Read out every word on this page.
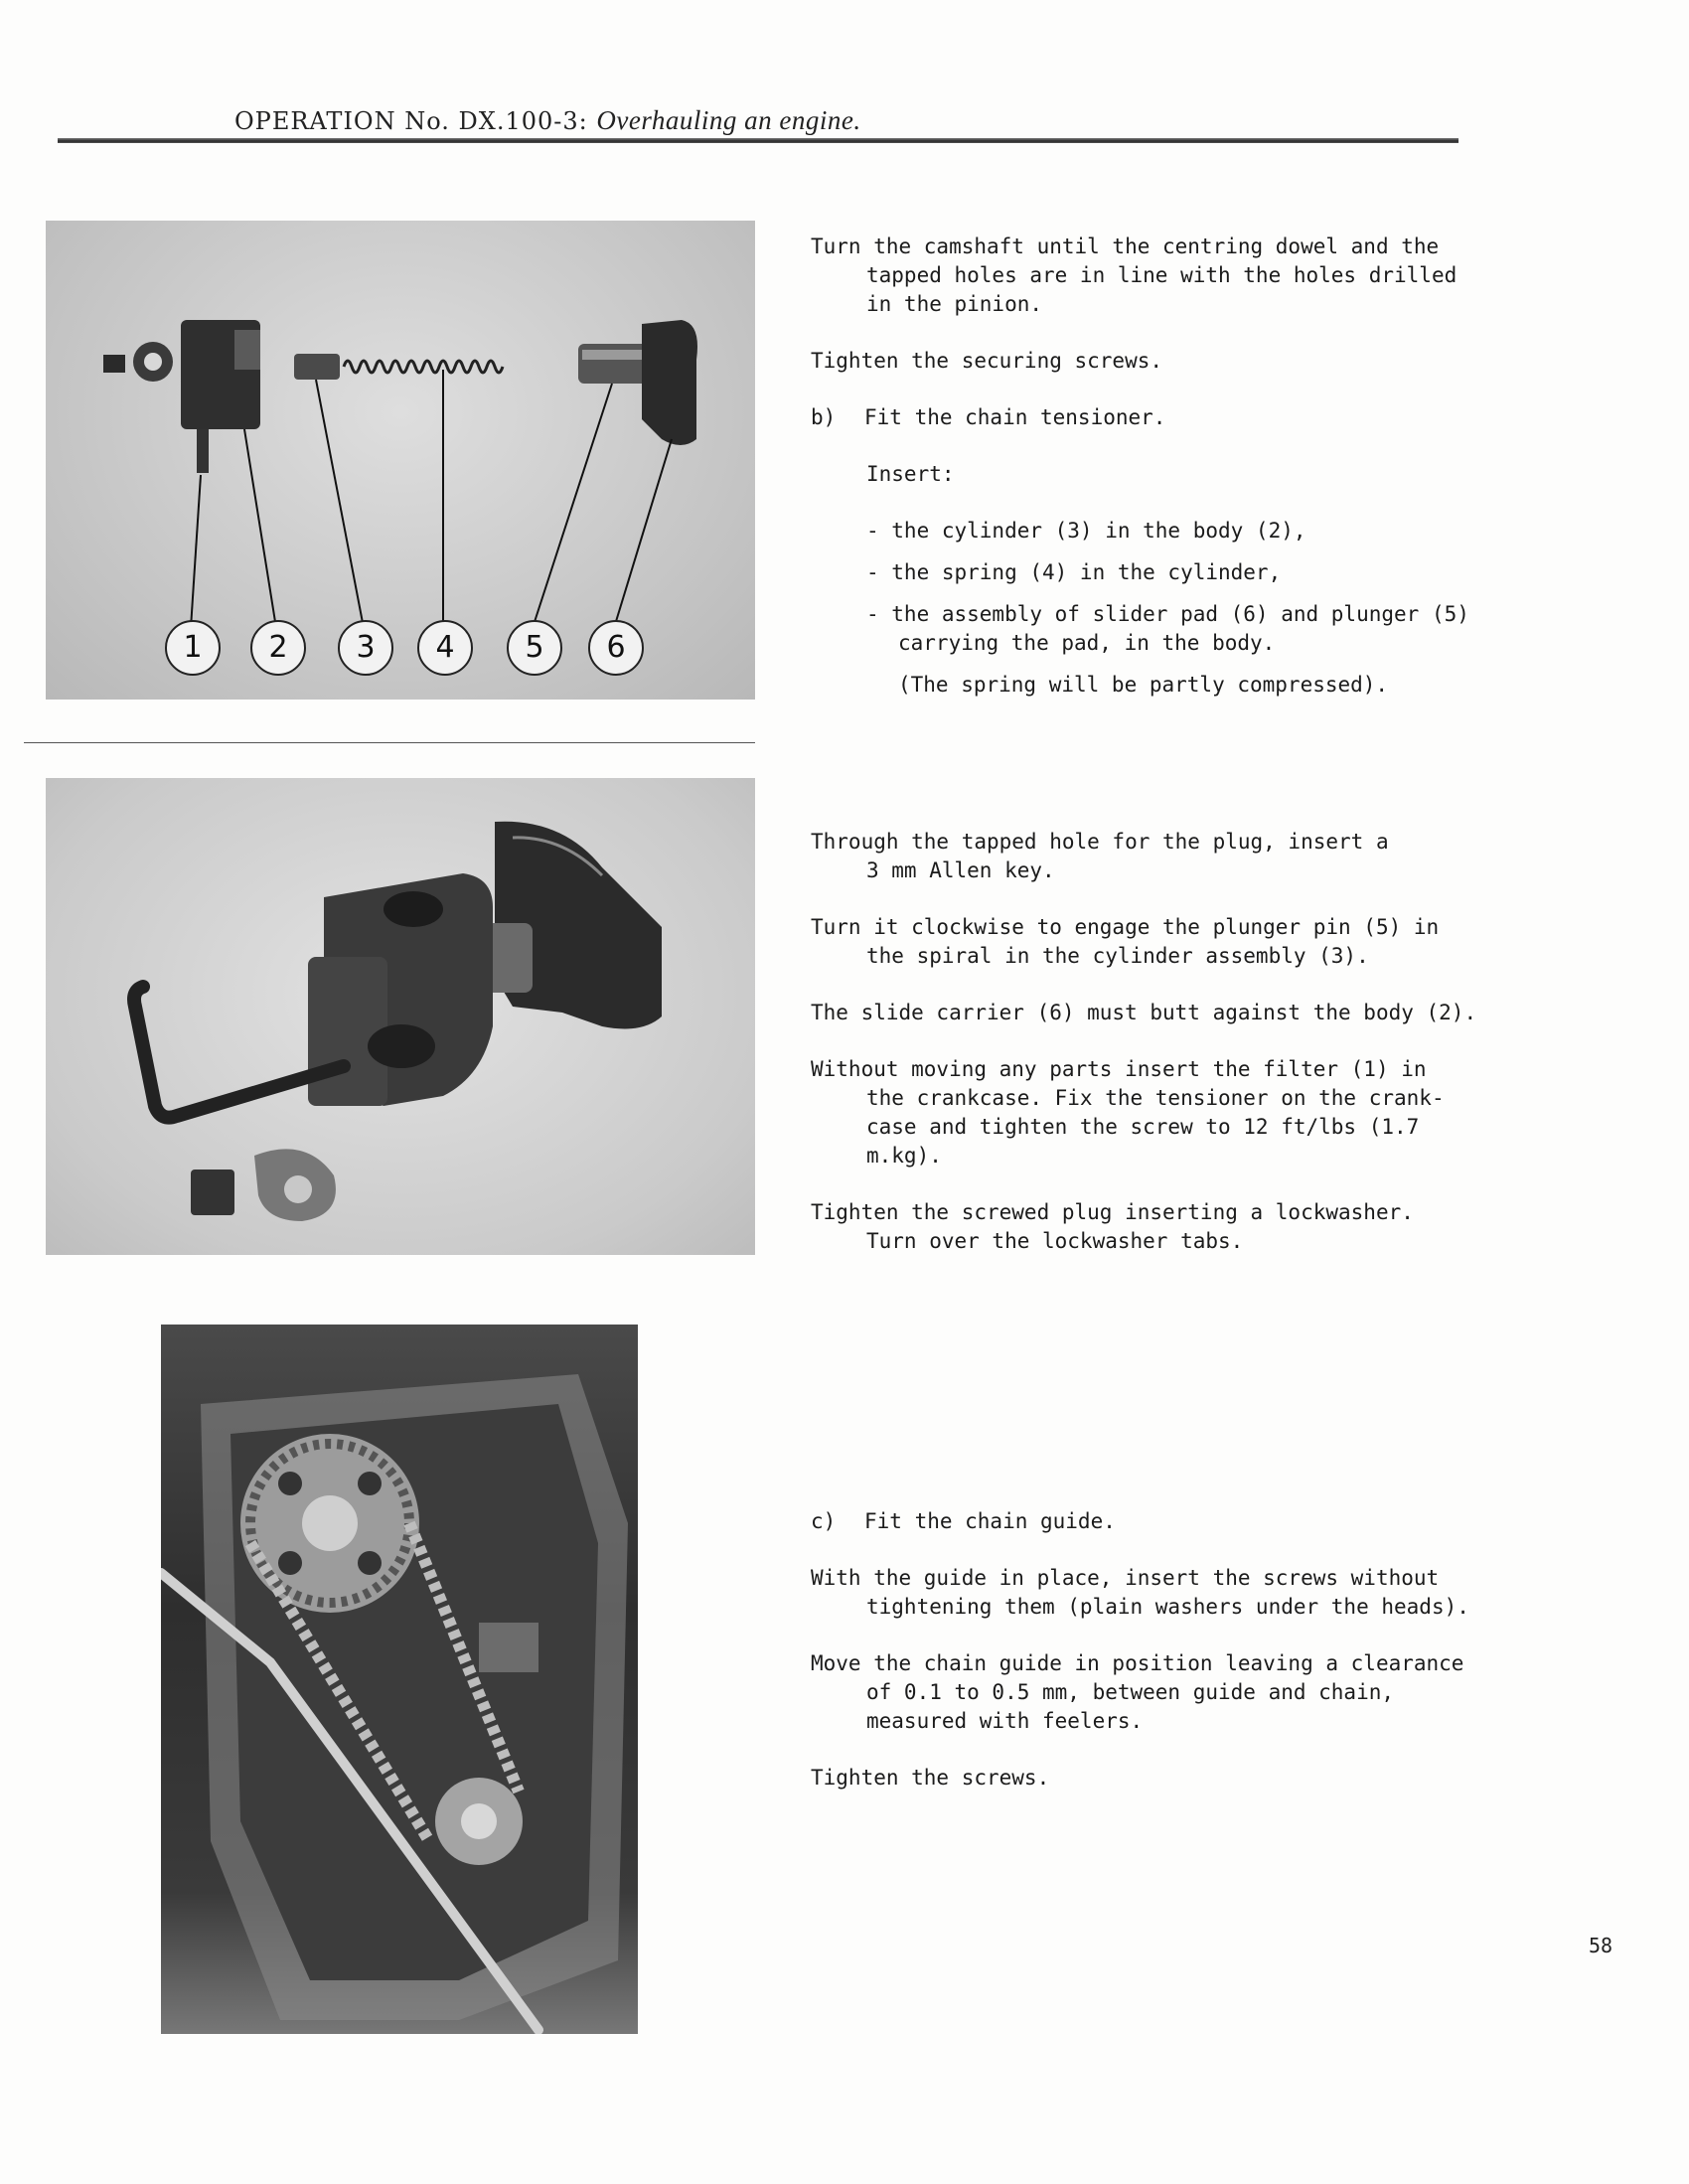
OPERATION No. DX.100-3: Overhauling an engine.
1	2	3	4	5	6

Turn the camshaft until the centring dowel and the

tapped holes are in line with the holes drilled

in the pinion.

Tighten the securing screws.

b) Fit the chain tensioner.

Insert:

- the cylinder (3) in the body (2),

- the spring (4) in the cylinder,

- the assembly of slider pad (6) and plunger (5)

carrying the pad, in the body.

(The spring will be partly compressed).

Through the tapped hole for the plug, insert a

3 mm Allen key.

Turn it clockwise to engage the plunger pin (5) in

the spiral in the cylinder assembly (3).

The slide carrier (6) must butt against the body (2).

Without moving any parts insert the filter (1) in

the crankcase. Fix the tensioner on the crank-

case and tighten the screw to 12 ft/lbs (1.7

m.kg).

Tighten the screwed plug inserting a lockwasher.

Turn over the lockwasher tabs.

c) Fit the chain guide.

With the guide in place, insert the screws without

tightening them (plain washers under the heads).

Move the chain guide in position leaving a clearance

of 0.1 to 0.5 mm, between guide and chain,

measured with feelers.

Tighten the screws.

58
